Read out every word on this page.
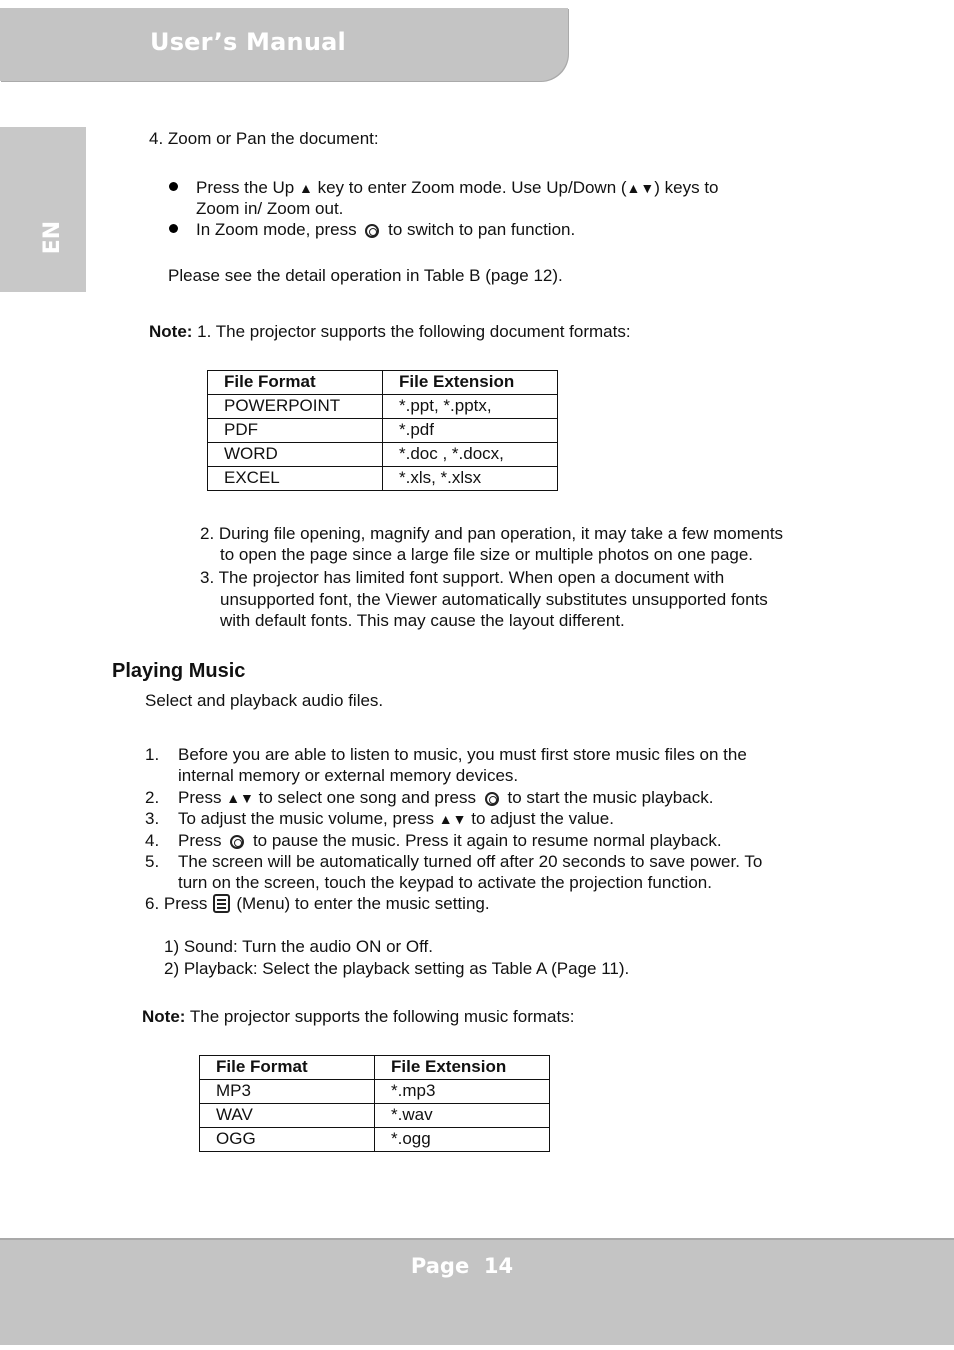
User’s Manual
EN
4. Zoom or Pan the document:
Press the Up ▲ key to enter Zoom mode. Use Up/Down (▲▼) keys to
Zoom in/ Zoom out.
In Zoom mode, press to switch to pan function.
Please see the detail operation in Table B (page 12).
Note: 1. The projector supports the following document formats:
File Format	File Extension
POWERPOINT	*.ppt, *.pptx,
PDF	*.pdf
WORD	*.doc , *.docx,
EXCEL	*.xls, *.xlsx
2. During file opening, magnify and pan operation, it may take a few moments
to open the page since a large file size or multiple photos on one page.
3. The projector has limited font support. When open a document with
unsupported font, the Viewer automatically substitutes unsupported fonts
with default fonts. This may cause the layout different.
Playing Music
Select and playback audio files.
1. Before you are able to listen to music, you must first store music files on the
internal memory or external memory devices.
2. Press ▲▼ to select one song and press to start the music playback.
3. To adjust the music volume, press ▲▼ to adjust the value.
4. Press to pause the music. Press it again to resume normal playback.
5. The screen will be automatically turned off after 20 seconds to save power. To
turn on the screen, touch the keypad to activate the projection function.
6. Press (Menu) to enter the music setting.
1) Sound: Turn the audio ON or Off.
2) Playback: Select the playback setting as Table A (Page 11).
Note: The projector supports the following music formats:
File Format	File Extension
MP3	*.mp3
WAV	*.wav
OGG	*.ogg
Page 14
